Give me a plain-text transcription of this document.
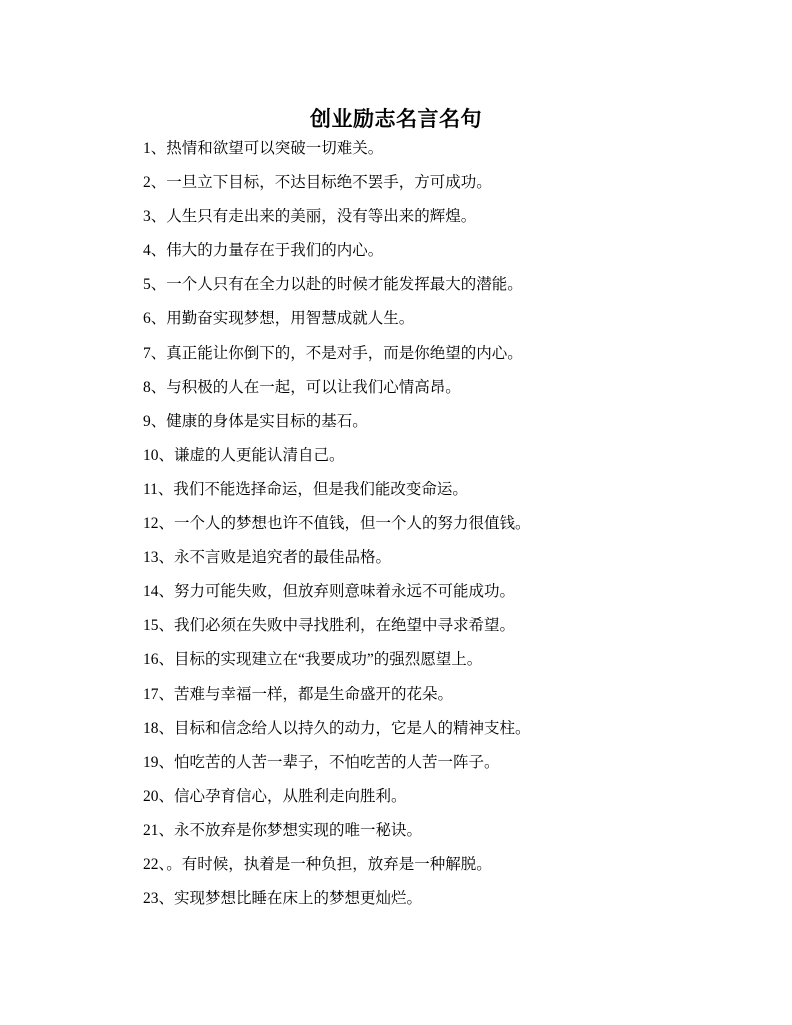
创业励志名言名句

1、热情和欲望可以突破一切难关。

2、一旦立下目标，不达目标绝不罢手，方可成功。

3、人生只有走出来的美丽，没有等出来的辉煌。

4、伟大的力量存在于我们的内心。

5、一个人只有在全力以赴的时候才能发挥最大的潜能。

6、用勤奋实现梦想，用智慧成就人生。

7、真正能让你倒下的，不是对手，而是你绝望的内心。

8、与积极的人在一起，可以让我们心情高昂。

9、健康的身体是实目标的基石。

10、谦虚的人更能认清自己。

11、我们不能选择命运，但是我们能改变命运。

12、一个人的梦想也许不值钱，但一个人的努力很值钱。

13、永不言败是追究者的最佳品格。

14、努力可能失败，但放弃则意味着永远不可能成功。

15、我们必须在失败中寻找胜利，在绝望中寻求希望。

16、目标的实现建立在“我要成功”的强烈愿望上。

17、苦难与幸福一样，都是生命盛开的花朵。

18、目标和信念给人以持久的动力，它是人的精神支柱。

19、怕吃苦的人苦一辈子，不怕吃苦的人苦一阵子。

20、信心孕育信心，从胜利走向胜利。

21、永不放弃是你梦想实现的唯一秘诀。

22、。有时候，执着是一种负担，放弃是一种解脱。

23、实现梦想比睡在床上的梦想更灿烂。
